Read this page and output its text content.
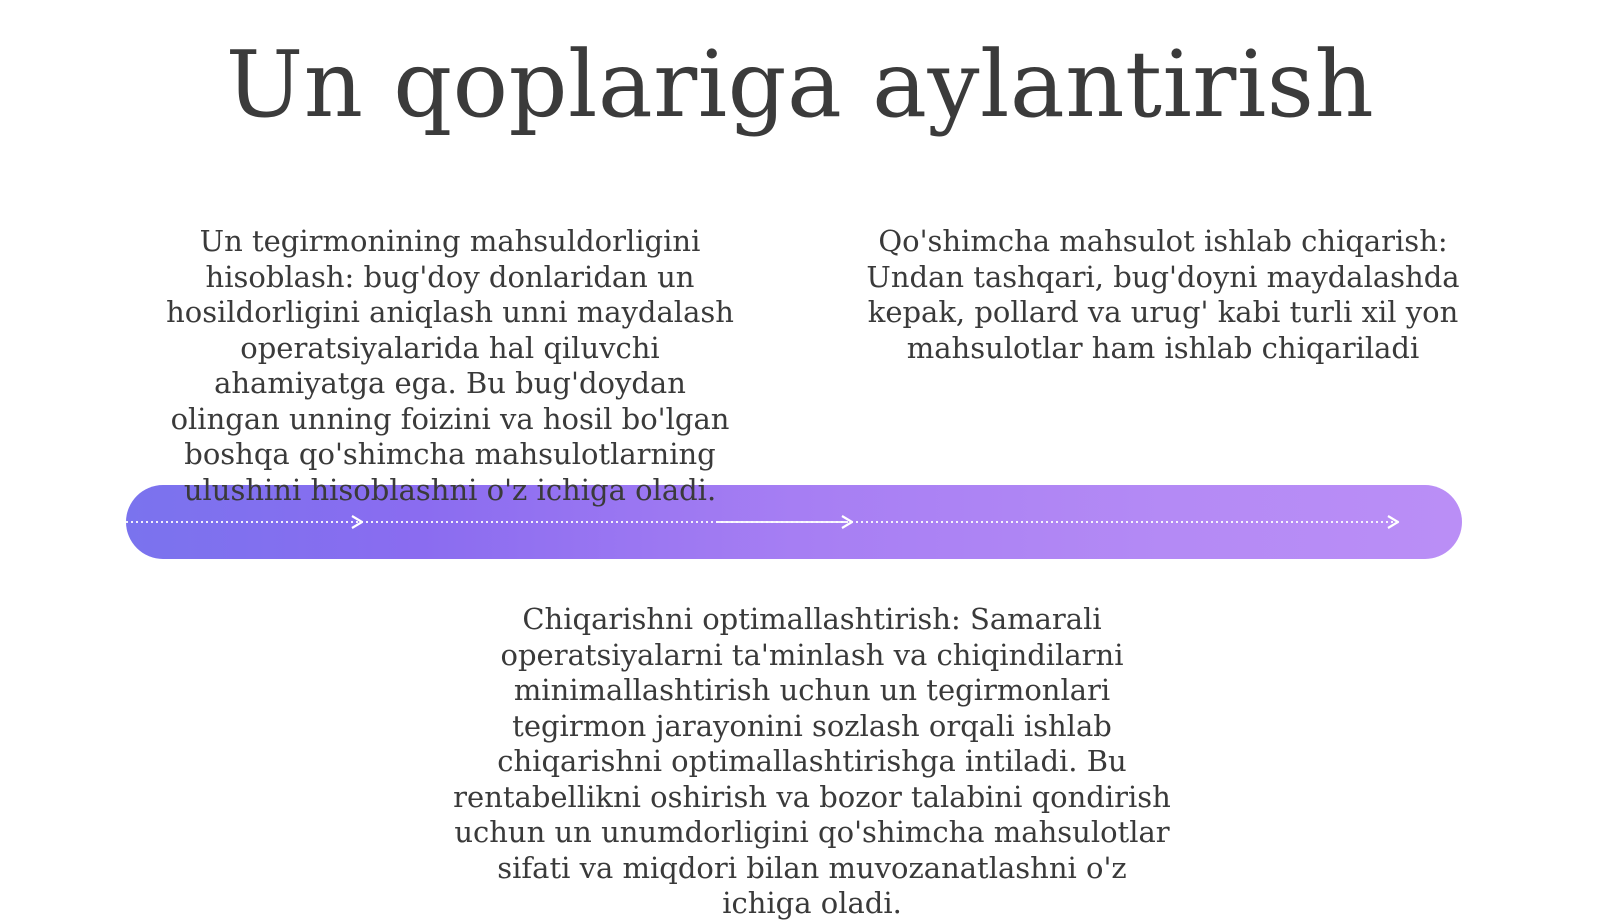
Un qoplariga aylantirish

Un tegirmonining mahsuldorligini hisoblash: bug'doy donlaridan un hosildorligini aniqlash unni maydalash operatsiyalarida hal qiluvchi ahamiyatga ega. Bu bug'doydan olingan unning foizini va hosil bo'lgan boshqa qo'shimcha mahsulotlarning ulushini hisoblashni o'z ichiga oladi.

Qo'shimcha mahsulot ishlab chiqarish: Undan tashqari, bug'doyni maydalashda kepak, pollard va urug' kabi turli xil yon mahsulotlar ham ishlab chiqariladi

Chiqarishni optimallashtirish: Samarali operatsiyalarni ta'minlash va chiqindilarni minimallashtirish uchun un tegirmonlari tegirmon jarayonini sozlash orqali ishlab chiqarishni optimallashtirishga intiladi. Bu rentabellikni oshirish va bozor talabini qondirish uchun un unumdorligini qo'shimcha mahsulotlar sifati va miqdori bilan muvozanatlashni o'z ichiga oladi.
